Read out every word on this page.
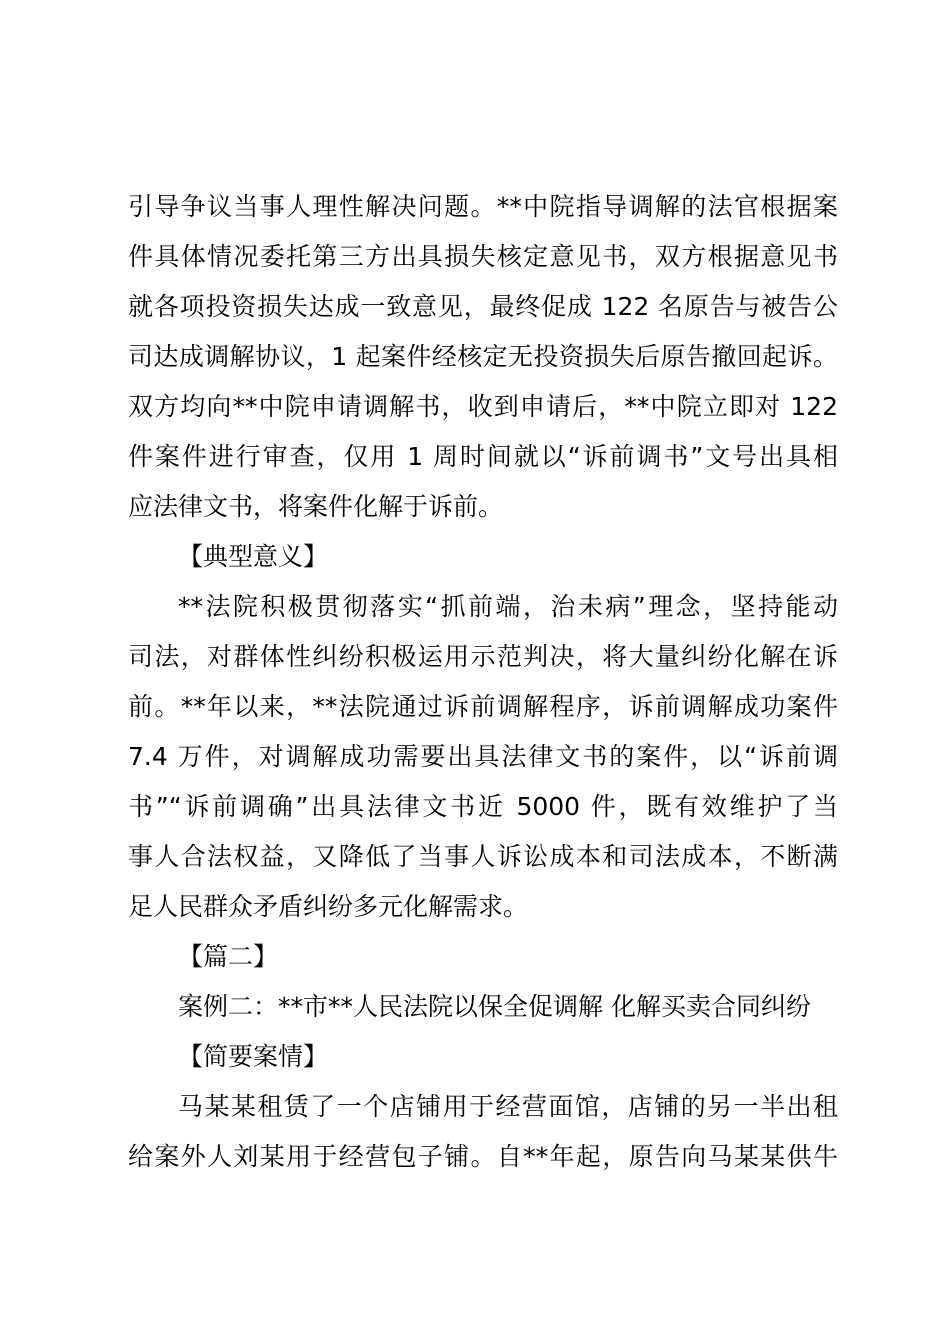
引导争议当事人理性解决问题。**中院指导调解的法官根据案
件具体情况委托第三方出具损失核定意见书，双方根据意见书
就各项投资损失达成一致意见，最终促成 122 名原告与被告公
司达成调解协议，1 起案件经核定无投资损失后原告撤回起诉。
双方均向**中院申请调解书，收到申请后，**中院立即对 122
件案件进行审查，仅用 1 周时间就以“诉前调书”文号出具相
应法律文书，将案件化解于诉前。
【典型意义】
**法院积极贯彻落实“抓前端，治未病”理念，坚持能动
司法，对群体性纠纷积极运用示范判决，将大量纠纷化解在诉
前。**年以来，**法院通过诉前调解程序，诉前调解成功案件
7.4 万件，对调解成功需要出具法律文书的案件，以“诉前调
书”“诉前调确”出具法律文书近 5000 件，既有效维护了当
事人合法权益，又降低了当事人诉讼成本和司法成本，不断满
足人民群众矛盾纠纷多元化解需求。
【篇二】
案例二：**市**人民法院以保全促调解 化解买卖合同纠纷
【简要案情】
马某某租赁了一个店铺用于经营面馆，店铺的另一半出租
给案外人刘某用于经营包子铺。自**年起，原告向马某某供牛
